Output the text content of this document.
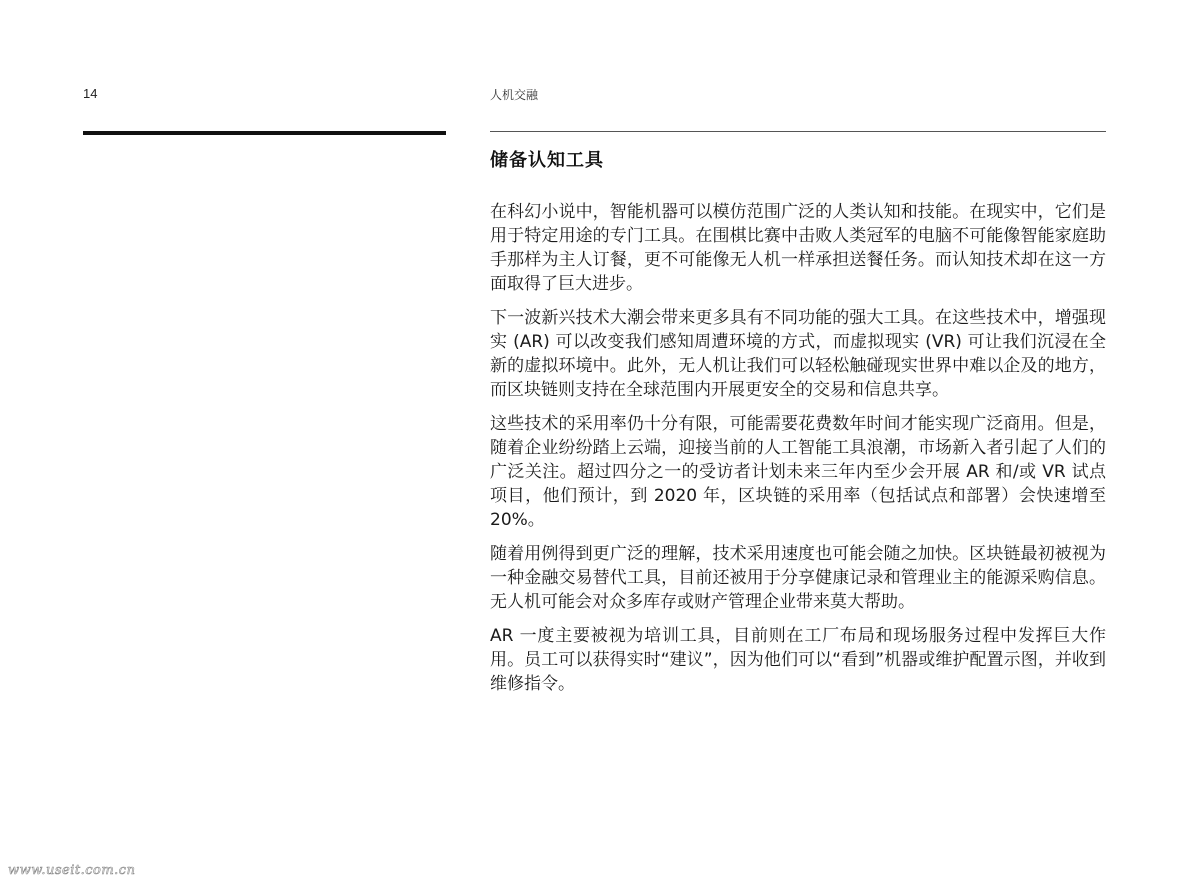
14	人机交融
储备认知工具

在科幻小说中，智能机器可以模仿范围广泛的人类认知和技能。在现实中，它们是用于特定用途的专门工具。在围棋比赛中击败人类冠军的电脑不可能像智能家庭助手那样为主人订餐，更不可能像无人机一样承担送餐任务。而认知技术却在这一方面取得了巨大进步。

下一波新兴技术大潮会带来更多具有不同功能的强大工具。在这些技术中，增强现实 (AR) 可以改变我们感知周遭环境的方式，而虚拟现实 (VR) 可让我们沉浸在全新的虚拟环境中。此外，无人机让我们可以轻松触碰现实世界中难以企及的地方，而区块链则支持在全球范围内开展更安全的交易和信息共享。

这些技术的采用率仍十分有限，可能需要花费数年时间才能实现广泛商用。但是，随着企业纷纷踏上云端，迎接当前的人工智能工具浪潮，市场新入者引起了人们的广泛关注。超过四分之一的受访者计划未来三年内至少会开展 AR 和/或 VR 试点项目，他们预计，到 2020 年，区块链的采用率（包括试点和部署）会快速增至 20%。

随着用例得到更广泛的理解，技术采用速度也可能会随之加快。区块链最初被视为一种金融交易替代工具，目前还被用于分享健康记录和管理业主的能源采购信息。无人机可能会对众多库存或财产管理企业带来莫大帮助。

AR 一度主要被视为培训工具，目前则在工厂布局和现场服务过程中发挥巨大作用。员工可以获得实时“建议”，因为他们可以“看到”机器或维护配置示图，并收到维修指令。

www.useit.com.cn
